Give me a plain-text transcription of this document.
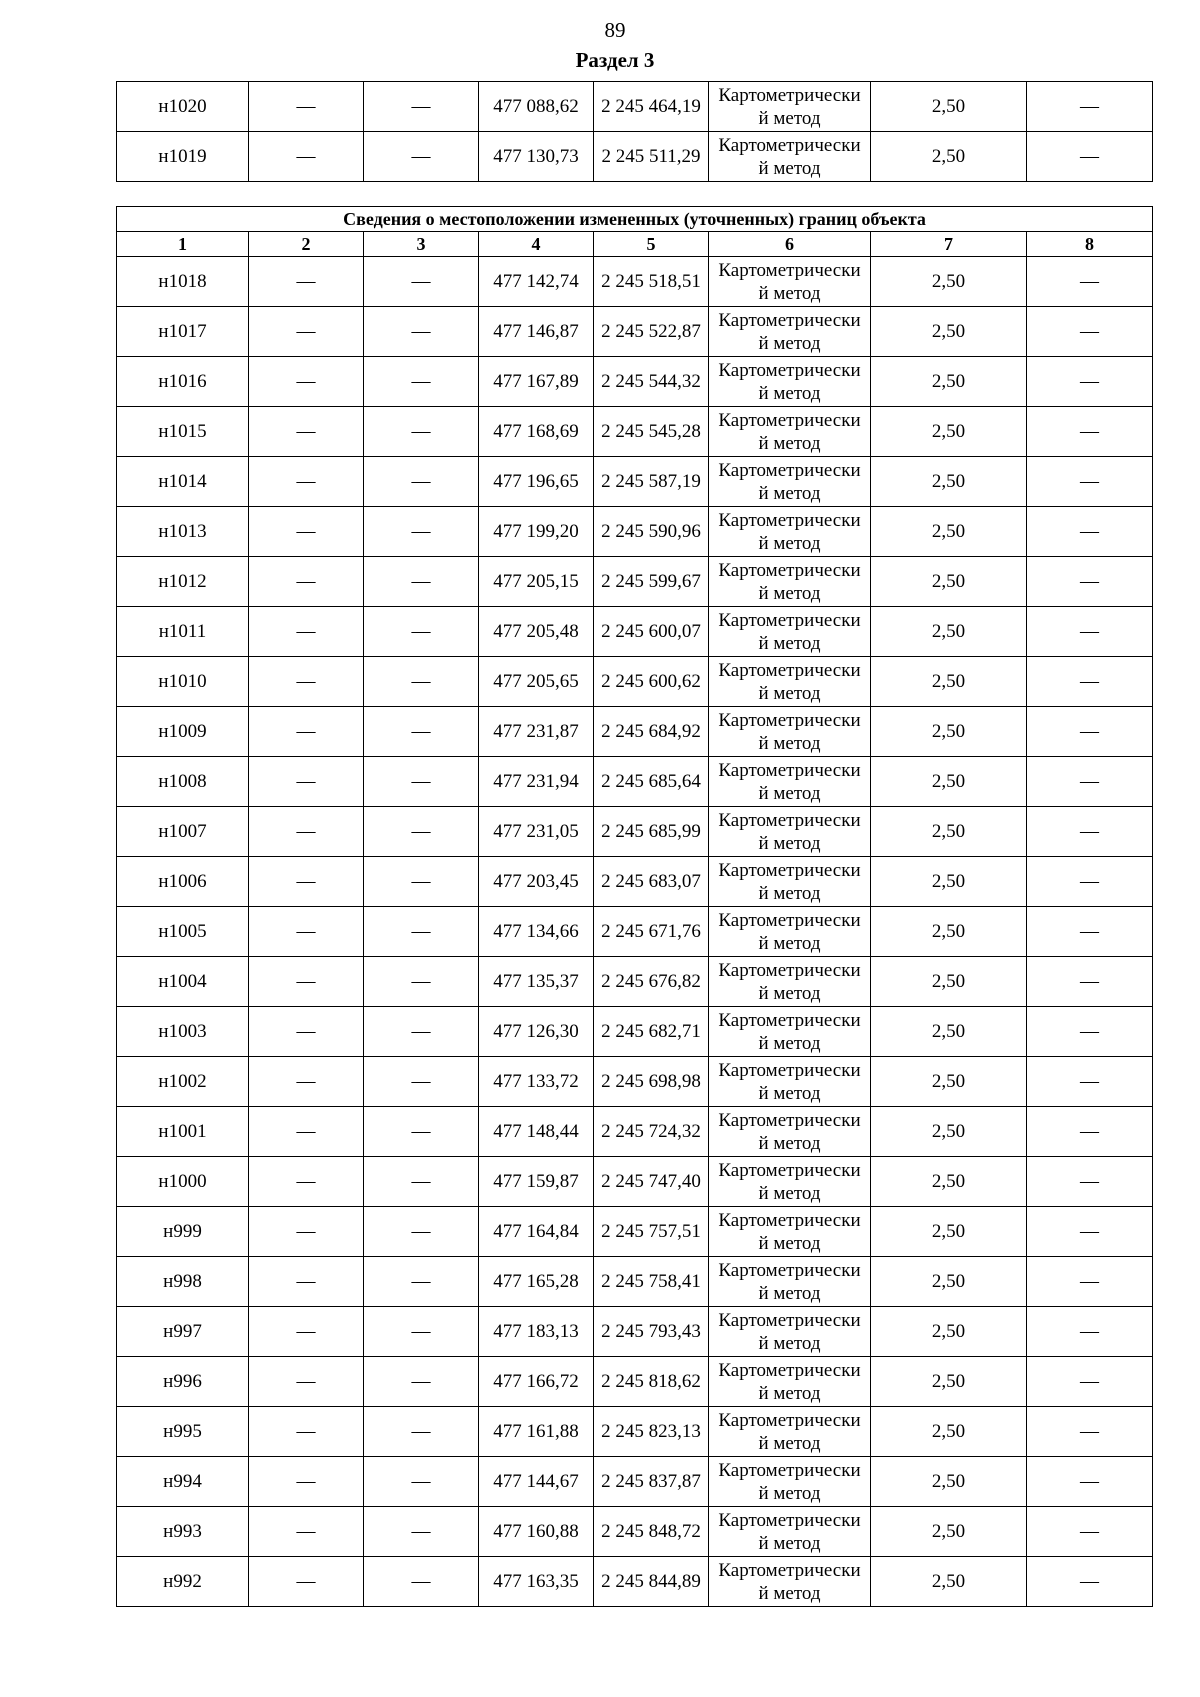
89
Раздел 3
н1020	—	—	477 088,62	2 245 464,19	Картометрически
й метод	2,50	—
н1019	—	—	477 130,73	2 245 511,29	Картометрически
й метод	2,50	—
Сведения о местоположении измененных (уточненных) границ объекта							
1	2	3	4	5	6	7	8
н1018	—	—	477 142,74	2 245 518,51	Картометрически
й метод	2,50	—
н1017	—	—	477 146,87	2 245 522,87	Картометрически
й метод	2,50	—
н1016	—	—	477 167,89	2 245 544,32	Картометрически
й метод	2,50	—
н1015	—	—	477 168,69	2 245 545,28	Картометрически
й метод	2,50	—
н1014	—	—	477 196,65	2 245 587,19	Картометрически
й метод	2,50	—
н1013	—	—	477 199,20	2 245 590,96	Картометрически
й метод	2,50	—
н1012	—	—	477 205,15	2 245 599,67	Картометрически
й метод	2,50	—
н1011	—	—	477 205,48	2 245 600,07	Картометрически
й метод	2,50	—
н1010	—	—	477 205,65	2 245 600,62	Картометрически
й метод	2,50	—
н1009	—	—	477 231,87	2 245 684,92	Картометрически
й метод	2,50	—
н1008	—	—	477 231,94	2 245 685,64	Картометрически
й метод	2,50	—
н1007	—	—	477 231,05	2 245 685,99	Картометрически
й метод	2,50	—
н1006	—	—	477 203,45	2 245 683,07	Картометрически
й метод	2,50	—
н1005	—	—	477 134,66	2 245 671,76	Картометрически
й метод	2,50	—
н1004	—	—	477 135,37	2 245 676,82	Картометрически
й метод	2,50	—
н1003	—	—	477 126,30	2 245 682,71	Картометрически
й метод	2,50	—
н1002	—	—	477 133,72	2 245 698,98	Картометрически
й метод	2,50	—
н1001	—	—	477 148,44	2 245 724,32	Картометрически
й метод	2,50	—
н1000	—	—	477 159,87	2 245 747,40	Картометрически
й метод	2,50	—
н999	—	—	477 164,84	2 245 757,51	Картометрически
й метод	2,50	—
н998	—	—	477 165,28	2 245 758,41	Картометрически
й метод	2,50	—
н997	—	—	477 183,13	2 245 793,43	Картометрически
й метод	2,50	—
н996	—	—	477 166,72	2 245 818,62	Картометрически
й метод	2,50	—
н995	—	—	477 161,88	2 245 823,13	Картометрически
й метод	2,50	—
н994	—	—	477 144,67	2 245 837,87	Картометрически
й метод	2,50	—
н993	—	—	477 160,88	2 245 848,72	Картометрически
й метод	2,50	—
н992	—	—	477 163,35	2 245 844,89	Картометрически
й метод	2,50	—
